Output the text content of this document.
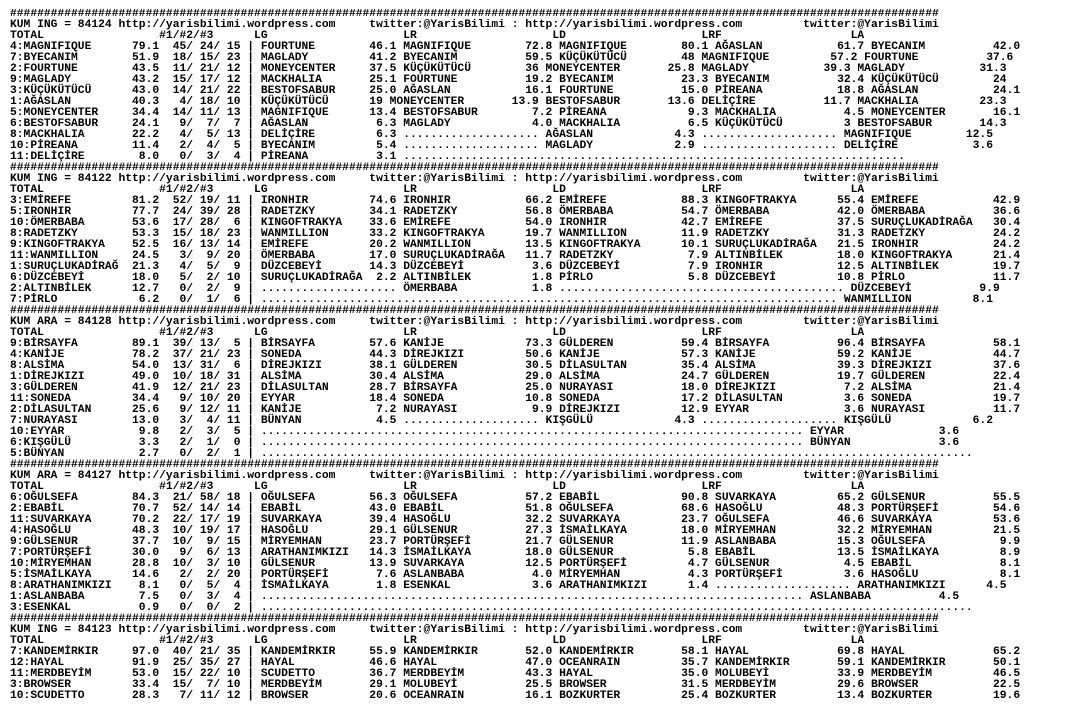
#########################################################################################################################################
KUM ING = 84124 http://yarisbilimi.wordpress.com     twitter:@YarisBilimi : http://yarisbilimi.wordpress.com         twitter:@YarisBilimi
TOTAL                 #1/#2/#3      LG                    LR                    LD                    LRF                   LA
4:MAGNIFIQUE      79.1  45/ 24/ 15 | FOURTUNE        46.1 MAGNIFIQUE        72.8 MAGNIFIQUE        80.1 AĞASLAN           61.7 BYECANIM          42.0
7:BYECANIM        51.9  18/ 15/ 23 | MAGLADY         41.2 BYECANIM          59.5 KÜÇÜKÜTÜCÜ        48 MAGNIFIQUE         57.2 FOURTUNE          37.6
2:FOURTUNE        43.5  11/ 21/ 12 | MONEYCENTER     37.5 KÜÇÜKÜTÜCÜ        36 MONEYCENTER       25.8 MAGLADY           39.3 MAGLADY           31.3
9:MAGLADY         43.2  15/ 17/ 12 | MACKHALIA       25.1 FOURTUNE          19.2 BYECANIM          23.3 BYECANIM          32.4 KÜÇÜKÜTÜCÜ        24
3:KÜÇÜKÜTÜCÜ      43.0  14/ 21/ 22 | BESTOFSABUR     25.0 AĞASLAN           16.1 FOURTUNE          15.0 PİREANA           18.8 AĞASLAN           24.1
1:AĞASLAN         40.3   4/ 18/ 10 | KÜÇÜKÜTÜCÜ      19 MONEYCENTER       13.9 BESTOFSABUR       13.6 DELİÇİRE          11.7 MACKHALIA         23.3
5:MONEYCENTER     34.4  14/ 11/ 13 | MAGNIFIQUE      13.4 BESTOFSABUR        7.2 PİREANA            9.3 MACKHALIA          4.5 MONEYCENTER       16.1
6:BESTOFSABUR     24.1   9/  7/  7 | AĞASLAN          6.3 MAGLADY            4.0 MACKHALIA          6.5 KÜÇÜKÜTÜCÜ         3 BESTOFSABUR       14.3
8:MACKHALIA       22.2   4/  5/ 13 | DELİÇİRE         6.3 .................... AĞASLAN            4.3 .................... MAGNIFIQUE        12.5
10:PİREANA        11.4   2/  4/  5 | BYECANIM         5.4 .................... MAGLADY            2.9 .................... DELİÇİRE           3.6
11:DELİÇİRE        8.0   0/  3/  4 | PİREANA          3.1 ..........................................................................
#########################################################################################################################################
KUM ING = 84122 http://yarisbilimi.wordpress.com     twitter:@YarisBilimi : http://yarisbilimi.wordpress.com         twitter:@YarisBilimi
TOTAL                 #1/#2/#3      LG                    LR                    LD                    LRF                   LA
3:EMİREFE         81.2  52/ 19/ 11 | IRONHIR         74.6 IRONHIR           66.2 EMİREFE           88.3 KINGOFTRAKYA      55.4 EMİREFE           42.9
5:IRONHIR         77.7  24/ 39/ 28 | RADETZKY        34.1 RADETZKY          56.8 ÖMERBABA          54.7 ÖMERBABA          42.0 ÖMERBABA          36.6
10:ÖMERBABA       53.6  17/ 28/  6 | KINGOFTRAKYA    33.6 EMİREFE           54.0 IRONHIR           42.7 EMİREFE           37.5 SURUÇLUKADİRAĞA   30.4
8:RADETZKY        53.3  15/ 18/ 23 | WANMILLION      33.2 KINGOFTRAKYA      19.7 WANMILLION        11.9 RADETZKY          31.3 RADETZKY          24.2
9:KINGOFTRAKYA    52.5  16/ 13/ 14 | EMİREFE         20.2 WANMILLION        13.5 KINGOFTRAKYA      10.1 SURUÇLUKADİRAĞA   21.5 IRONHIR           24.2
11:WANMILLION     24.5   3/  9/ 20 | ÖMERBABA        17.0 SURUÇLUKADİRAĞA   11.7 RADETZKY           7.9 ALTINBİLEK        18.0 KINGOFTRAKYA      21.4
1:SURUÇLUKADİRAĞ  21.3   4/  5/  9 | DÜZCEBEYİ       14.3 DÜZCEBEYİ          3.6 DÜZCEBEYİ          7.9 IRONHIR           12.5 ALTINBİLEK        19.7
6:DÜZCEBEYİ       18.0   5/  2/ 10 | SURUÇLUKADİRAĞA  2.2 ALTINBİLEK         1.8 PİRLO              5.8 DÜZCEBEYİ         10.8 PİRLO             11.7
2:ALTINBİLEK      12.7   0/  2/  9 | .................... ÖMERBABA           1.8 .......................................... DÜZCEBEYİ          9.9
7:PİRLO            6.2   0/  1/  6 | ..................................................................................... WANMILLION         8.1
#########################################################################################################################################
KUM ARA = 84128 http://yarisbilimi.wordpress.com     twitter:@YarisBilimi : http://yarisbilimi.wordpress.com         twitter:@YarisBilimi
TOTAL                 #1/#2/#3      LG                    LR                    LD                    LRF                   LA
9:BİRSAYFA        89.1  39/ 13/  5 | BİRSAYFA        57.6 KANİJE            73.3 GÜLDEREN          59.4 BİRSAYFA          96.4 BİRSAYFA          58.1
4:KANİJE          78.2  37/ 21/ 23 | SONEDA          44.3 DİREJKIZI         50.6 KANİJE            57.3 KANİJE            59.2 KANİJE            44.7
8:ALSİMA          54.0  13/ 31/  6 | DİREJKIZI       38.1 GÜLDEREN          30.5 DİLASULTAN        35.4 ALSİMA            39.3 DİREJKIZI         37.6
1:DİREJKIZI       49.0  10/ 18/ 31 | ALSİMA          30.4 ALSİMA            29.0 ALSİMA            24.7 GÜLDEREN          19.7 GÜLDEREN          22.4
3:GÜLDEREN        41.9  12/ 21/ 23 | DİLASULTAN      28.7 BİRSAYFA          25.0 NURAYASI          18.0 DİREJKIZI          7.2 ALSİMA            21.4
11:SONEDA         34.4   9/ 10/ 20 | EYYAR           18.4 SONEDA            10.8 SONEDA            17.2 DİLASULTAN         3.6 SONEDA            19.7
2:DİLASULTAN      25.6   9/ 12/ 11 | KANİJE           7.2 NURAYASI           9.9 DİREJKIZI         12.9 EYYAR              3.6 NURAYASI          11.7
7:NURAYASI        13.0   3/  4/ 11 | BÜNYAN           4.5 .................... KIŞGÜLÜ            4.3 .................... KIŞGÜLÜ            6.2
10:EYYAR           9.8   2/  3/  5 | ................................................................................ EYYAR              3.6
6:KIŞGÜLÜ          3.3   2/  1/  0 | ................................................................................ BÜNYAN             3.6
5:BÜNYAN           2.7   0/  2/  1 | .........................................................................................................
#########################################################################################################################################
KUM ARA = 84127 http://yarisbilimi.wordpress.com     twitter:@YarisBilimi : http://yarisbilimi.wordpress.com         twitter:@YarisBilimi
TOTAL                 #1/#2/#3      LG                    LR                    LD                    LRF                   LA
6:OĞULSEFA        84.3  21/ 58/ 18 | OĞULSEFA        56.3 OĞULSEFA          57.2 EBABİL            90.8 SUVARKAYA         65.2 GÜLSENUR          55.5
2:EBABİL          70.7  52/ 14/ 14 | EBABİL          43.0 EBABİL            51.8 OĞULSEFA          68.6 HASOĞLU           48.3 PORTÜRŞEFİ        54.6
11:SUVARKAYA      70.2  22/ 17/ 19 | SUVARKAYA       39.4 HASOĞLU           32.2 SUVARKAYA         23.7 OĞULSEFA          46.6 SUVARKAYA         53.6
4:HASOĞLU         48.3  10/ 19/ 17 | HASOĞLU         29.1 GÜLSENUR          27.3 İSMAİLKAYA        18.0 MİRYEMHAN         32.2 MİRYEMHAN         21.5
9:GÜLSENUR        37.7  10/  9/ 15 | MİRYEMHAN       23.7 PORTÜRŞEFİ        21.7 GÜLSENUR          11.9 ASLANBABA         15.3 OĞULSEFA           9.9
7:PORTÜRŞEFİ      30.0   9/  6/ 13 | ARATHANIMKIZI   14.3 İSMAİLKAYA        18.0 GÜLSENUR           5.8 EBABİL            13.5 İSMAİLKAYA         8.9
10:MİRYEMHAN      28.8  10/  3/ 10 | GÜLSENUR        13.9 SUVARKAYA         12.5 PORTÜRŞEFİ         4.7 GÜLSENUR           4.5 EBABİL             8.1
5:İSMAİLKAYA      14.6   2/  2/ 20 | PORTÜRŞEFİ       7.6 ASLANBABA          4.0 MİRYEMHAN          4.3 PORTÜRŞEFİ         3.6 HASOĞLU            8.1
8:ARATHANIMKIZI    8.1   0/  5/  4 | İSMAİLKAYA       1.8 ESENKAL            3.6 ARATHANIMKIZI      1.4 .................... ARATHANIMKIZI      4.5
1:ASLANBABA        7.5   0/  3/  4 | ................................................................................ ASLANBABA          4.5
3:ESENKAL          0.9   0/  0/  2 | .........................................................................................................
#########################################################################################################################################
KUM ING = 84123 http://yarisbilimi.wordpress.com     twitter:@YarisBilimi : http://yarisbilimi.wordpress.com         twitter:@YarisBilimi
TOTAL                 #1/#2/#3      LG                    LR                    LD                    LRF                   LA
7:KANDEMİRKIR     97.0  40/ 21/ 35 | KANDEMİRKIR     55.9 KANDEMİRKIR       52.0 KANDEMİRKIR       58.1 HAYAL             69.8 HAYAL             65.2
12:HAYAL          91.9  25/ 35/ 27 | HAYAL           46.6 HAYAL             47.0 OCEANRAIN         35.7 KANDEMİRKIR       59.1 KANDEMİRKIR       50.1
11:MERDBEYİM      53.0  15/ 22/ 10 | SCUDETTO        36.7 MERDBEYİM         43.3 HAYAL             35.0 MOLUBEYİ          33.9 MERDBEYİM         46.5
3:BROWSER         33.4  15/  7/ 10 | MERDBEYİM       29.1 MOLUBEYİ          25.5 BROWSER           31.5 MERDBEYİM         29.6 BROWSER           22.5
10:SCUDETTO       28.3   7/ 11/ 12 | BROWSER         20.6 OCEANRAIN         16.1 BOZKURTER         25.4 BOZKURTER         13.4 BOZKURTER         19.6
